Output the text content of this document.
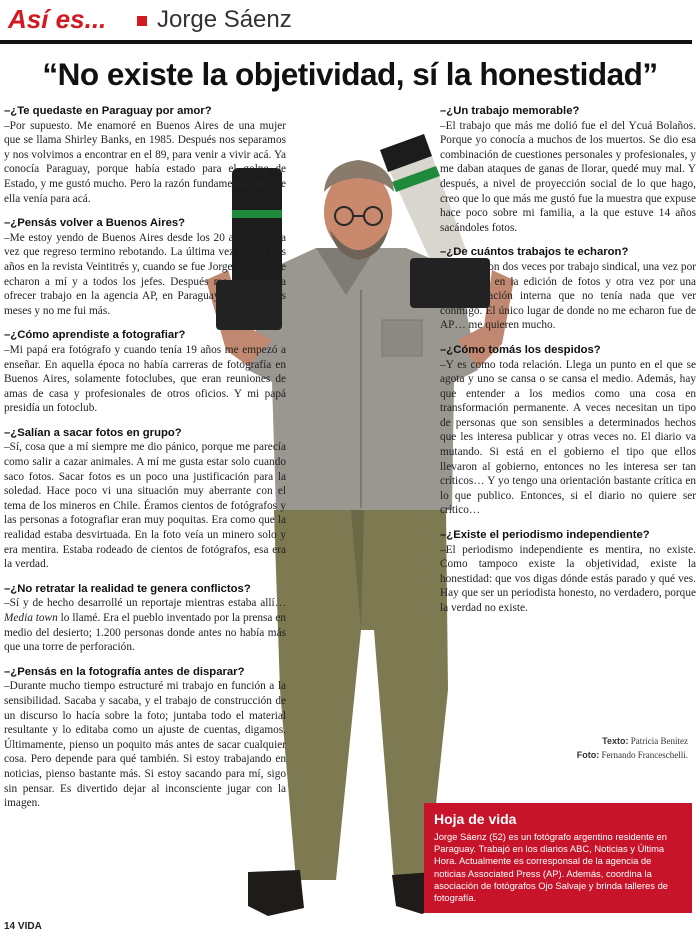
Así es... Jorge Sáenz
“No existe la objetividad, sí la honestidad”
– ¿Te quedaste en Paraguay por amor?

– Por supuesto. Me enamoré en Buenos Aires de una mujer que se llama Shirley Banks, en 1985. Después nos separamos y nos volvimos a encontrar en el 89, para venir a vivir acá. Ya conocía Paraguay, porque había estado para el golpe de Estado, y me gustó mucho. Pero la razón fundamental fue que ella venía para acá.

– ¿Pensás volver a Buenos Aires?

– Me estoy yendo de Buenos Aires desde los 20 años, y cada vez que regreso termino rebotando. La última vez laburé tres años en la revista Veintitrés y, cuando se fue Jorge Lanata, me echaron a mí y a todos los jefes. Después me volvieron a ofrecer trabajo en la agencia AP, en Paraguay; vine por dos meses y no me fui más.

– ¿Cómo aprendiste a fotografiar?

– Mi papá era fotógrafo y cuando tenía 19 años me empezó a enseñar. En aquella época no había carreras de fotografía en Buenos Aires, solamente fotoclubes, que eran reuniones de amas de casa y profesionales de otros oficios. Y mi papá presidía un fotoclub.

– ¿Salían a sacar fotos en grupo?

– Sí, cosa que a mí siempre me dio pánico, porque me parecía como salir a cazar animales. A mí me gusta estar solo cuando saco fotos. Sacar fotos es un poco una justificación para la soledad. Hace poco vi una situación muy aberrante con el tema de los mineros en Chile. Éramos cientos de fotógrafos y las personas a fotografiar eran muy poquitas. Era como que la realidad estaba desvirtuada. En la foto veía un minero solo y era mentira. Estaba rodeado de cientos de fotógrafos, esa era la verdad.

– ¿No retratar la realidad te genera conflictos?

– Sí y de hecho desarrollé un reportaje mientras estaba allí… Media town lo llamé. Era el pueblo inventado por la prensa en medio del desierto; 1.200 personas donde antes no había más que una torre de perforación.

– ¿Pensás en la fotografía antes de disparar?

– Durante mucho tiempo estructuré mi trabajo en función a la sensibilidad. Sacaba y sacaba, y el trabajo de construcción de un discurso lo hacía sobre la foto; juntaba todo el material resultante y lo editaba como un ajuste de cuentas, digamos. Últimamente, pienso un poquito más antes de sacar cualquier cosa. Pero depende para qué también. Si estoy trabajando en noticias, pienso bastante más. Si estoy sacando para mí, sigo sin pensar. Es divertido dejar al inconsciente jugar con la imagen.

– ¿Un trabajo memorable?

– El trabajo que más me dolió fue el del Ycuá Bolaños. Porque yo conocía a muchos de los muertos. Se dio esa combinación de cuestiones personales y profesionales, y me daban ataques de ganas de llorar, quedé muy mal. Y después, a nivel de proyección social de lo que hago, creo que lo que más me gustó fue la muestra que expuse hace poco sobre mi familia, a la que estuve 14 años sacándoles fotos.

– ¿De cuántos trabajos te echaron?

– Me echaron dos veces por trabajo sindical, una vez por diferencias en la edición de fotos y otra vez por una reestructuración interna que no tenía nada que ver conmigo. El único lugar de donde no me echaron fue de AP… me quieren mucho.

– ¿Cómo tomás los despidos?

– Y es como toda relación. Llega un punto en el que se agota y uno se cansa o se cansa el medio. Además, hay que entender a los medios como una cosa en transformación permanente. A veces necesitan un tipo de personas que son sensibles a determinados hechos que les interesa publicar y otras veces no. El diario va mutando. Si está en el gobierno el tipo que ellos llevaron al gobierno, entonces no les interesa ser tan críticos… Y yo tengo una orientación bastante crítica en lo que publico. Entonces, si el diario no quiere ser crítico…

– ¿Existe el periodismo independiente?

– El periodismo independiente es mentira, no existe. Como tampoco existe la objetividad, existe la honestidad: que vos digas dónde estás parado y qué ves. Hay que ser un periodista honesto, no verdadero, porque la verdad no existe.

Texto: Patricia Benítez
Foto: Fernando Franceschelli.
Hoja de vida
Jorge Sáenz (52) es un fotógrafo argentino residente en Paraguay. Trabajó en los diarios ABC, Noticias y Última Hora. Actualmente es corresponsal de la agencia de noticias Associated Press (AP). Además, coordina la asociación de fotógrafos Ojo Salvaje y brinda talleres de fotografía.
14 VIDA
